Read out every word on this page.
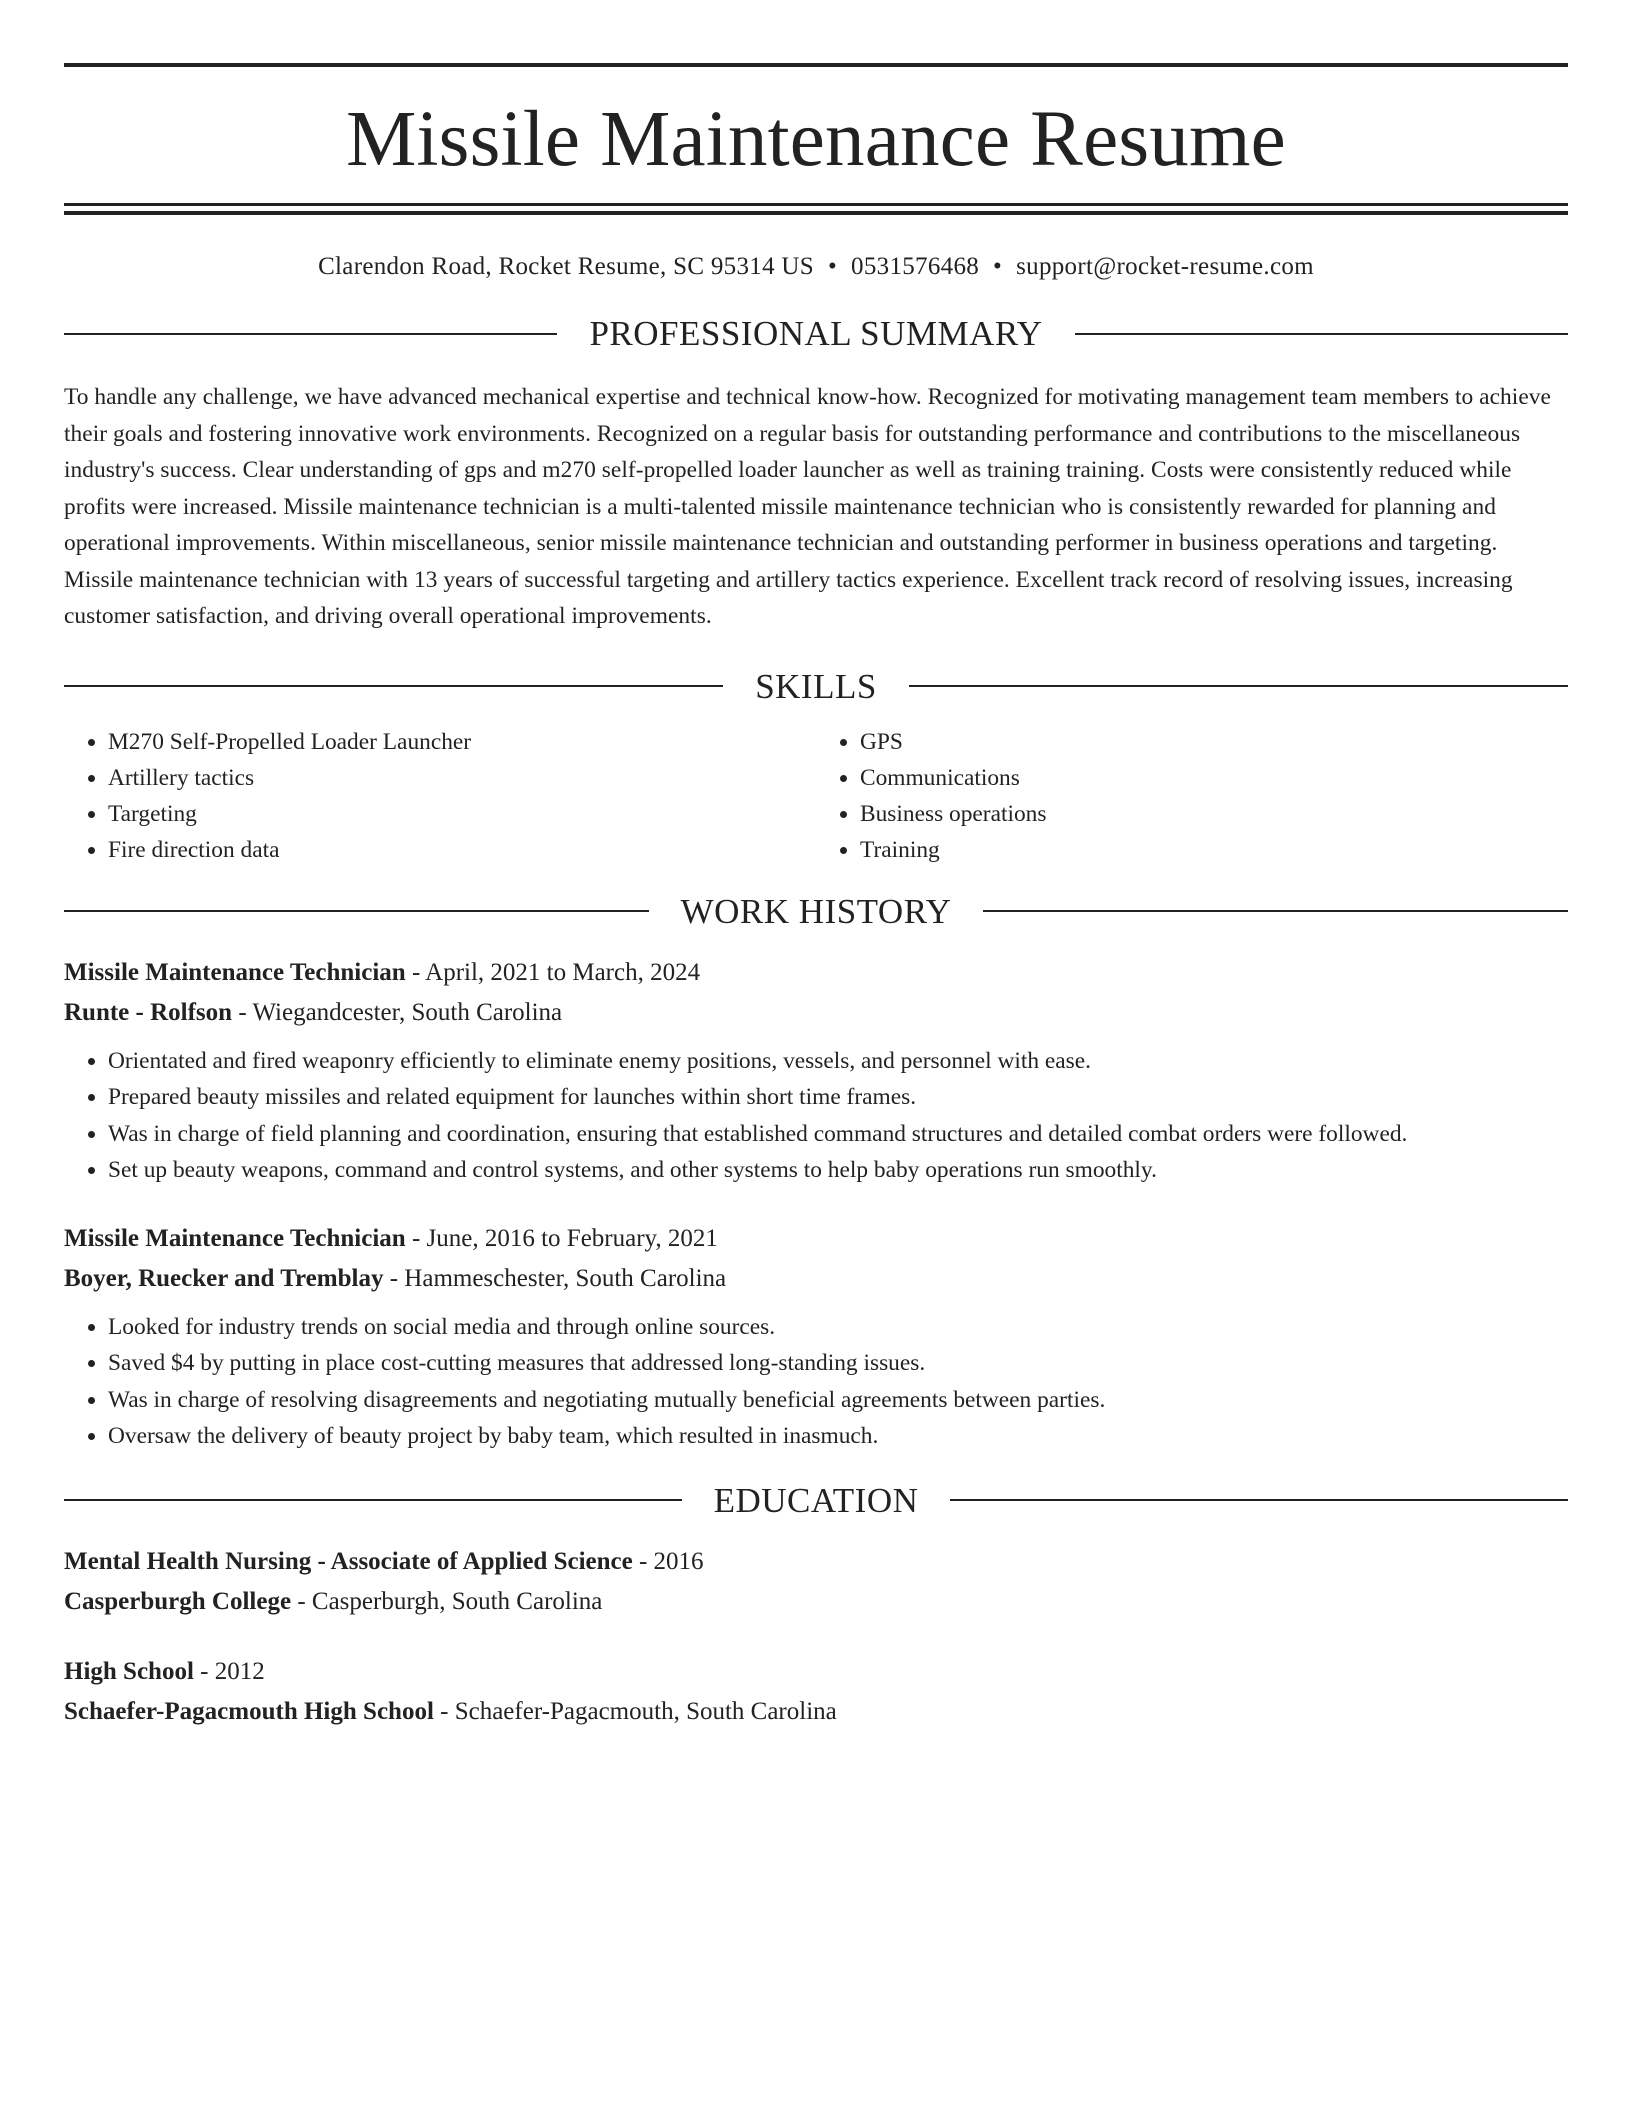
Missile Maintenance Resume
Clarendon Road, Rocket Resume, SC 95314 US • 0531576468 • support@rocket-resume.com
PROFESSIONAL SUMMARY

To handle any challenge, we have advanced mechanical expertise and technical know-how. Recognized for motivating management team members to achieve their goals and fostering innovative work environments. Recognized on a regular basis for outstanding performance and contributions to the miscellaneous industry's success. Clear understanding of gps and m270 self-propelled loader launcher as well as training training. Costs were consistently reduced while profits were increased. Missile maintenance technician is a multi-talented missile maintenance technician who is consistently rewarded for planning and operational improvements. Within miscellaneous, senior missile maintenance technician and outstanding performer in business operations and targeting. Missile maintenance technician with 13 years of successful targeting and artillery tactics experience. Excellent track record of resolving issues, increasing customer satisfaction, and driving overall operational improvements.

SKILLS
• M270 Self-Propelled Loader Launcher
• Artillery tactics
• Targeting
• Fire direction data
• GPS
• Communications
• Business operations
• Training
WORK HISTORY
Missile Maintenance Technician - April, 2021 to March, 2024
Runte - Rolfson - Wiegandcester, South Carolina
• Orientated and fired weaponry efficiently to eliminate enemy positions, vessels, and personnel with ease.
• Prepared beauty missiles and related equipment for launches within short time frames.
• Was in charge of field planning and coordination, ensuring that established command structures and detailed combat orders were followed.
• Set up beauty weapons, command and control systems, and other systems to help baby operations run smoothly.
Missile Maintenance Technician - June, 2016 to February, 2021
Boyer, Ruecker and Tremblay - Hammeschester, South Carolina
• Looked for industry trends on social media and through online sources.
• Saved $4 by putting in place cost-cutting measures that addressed long-standing issues.
• Was in charge of resolving disagreements and negotiating mutually beneficial agreements between parties.
• Oversaw the delivery of beauty project by baby team, which resulted in inasmuch.
EDUCATION
Mental Health Nursing - Associate of Applied Science - 2016
Casperburgh College - Casperburgh, South Carolina
High School - 2012
Schaefer-Pagacmouth High School - Schaefer-Pagacmouth, South Carolina
